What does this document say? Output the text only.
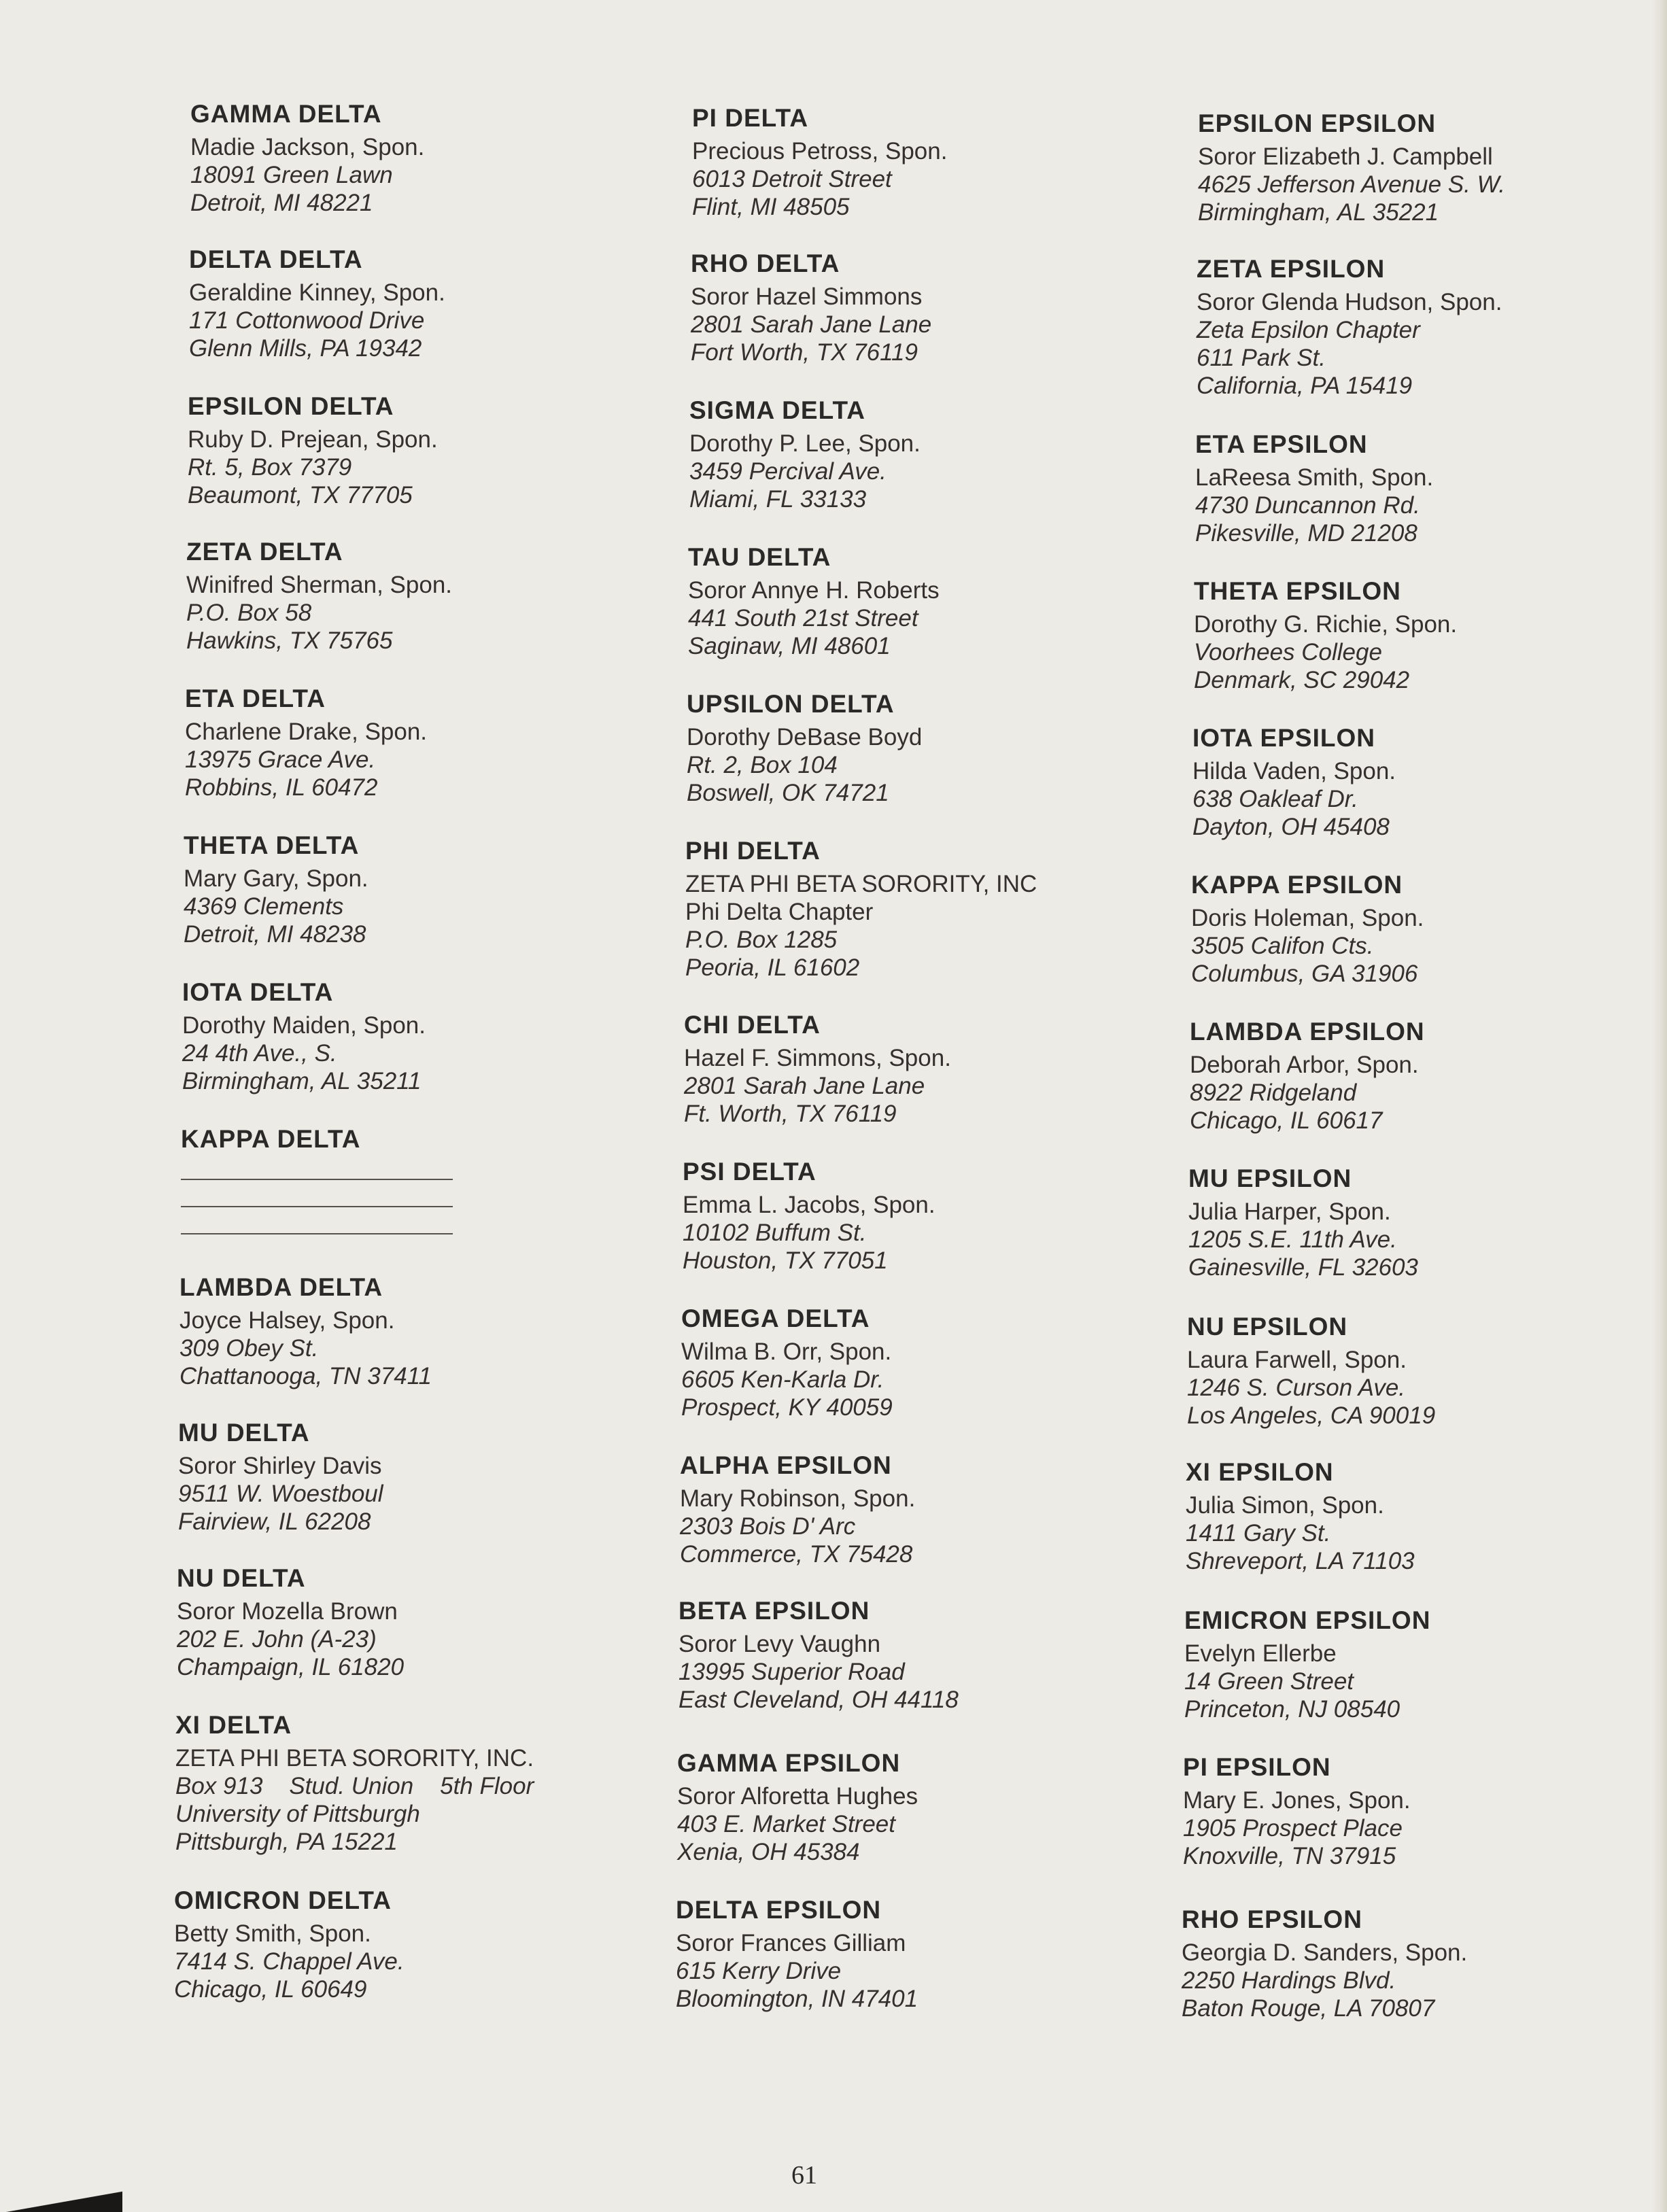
GAMMA DELTA
Madie Jackson, Spon.
18091 Green Lawn
Detroit, MI 48221
DELTA DELTA
Geraldine Kinney, Spon.
171 Cottonwood Drive
Glenn Mills, PA 19342
EPSILON DELTA
Ruby D. Prejean, Spon.
Rt. 5, Box 7379
Beaumont, TX 77705
ZETA DELTA
Winifred Sherman, Spon.
P.O. Box 58
Hawkins, TX 75765
ETA DELTA
Charlene Drake, Spon.
13975 Grace Ave.
Robbins, IL 60472
THETA DELTA
Mary Gary, Spon.
4369 Clements
Detroit, MI 48238
IOTA DELTA
Dorothy Maiden, Spon.
24 4th Ave., S.
Birmingham, AL 35211
KAPPA DELTA
LAMBDA DELTA
Joyce Halsey, Spon.
309 Obey St.
Chattanooga, TN 37411
MU DELTA
Soror Shirley Davis
9511 W. Woestboul
Fairview, IL 62208
NU DELTA
Soror Mozella Brown
202 E. John (A-23)
Champaign, IL 61820
XI DELTA
ZETA PHI BETA SORORITY, INC.
Box 913    Stud. Union    5th Floor
University of Pittsburgh
Pittsburgh, PA 15221
OMICRON DELTA
Betty Smith, Spon.
7414 S. Chappel Ave.
Chicago, IL 60649
PI DELTA
Precious Petross, Spon.
6013 Detroit Street
Flint, MI 48505
RHO DELTA
Soror Hazel Simmons
2801 Sarah Jane Lane
Fort Worth, TX 76119
SIGMA DELTA
Dorothy P. Lee, Spon.
3459 Percival Ave.
Miami, FL 33133
TAU DELTA
Soror Annye H. Roberts
441 South 21st Street
Saginaw, MI 48601
UPSILON DELTA
Dorothy DeBase Boyd
Rt. 2, Box 104
Boswell, OK 74721
PHI DELTA
ZETA PHI BETA SORORITY, INC
Phi Delta Chapter
P.O. Box 1285
Peoria, IL 61602
CHI DELTA
Hazel F. Simmons, Spon.
2801 Sarah Jane Lane
Ft. Worth, TX 76119
PSI DELTA
Emma L. Jacobs, Spon.
10102 Buffum St.
Houston, TX 77051
OMEGA DELTA
Wilma B. Orr, Spon.
6605 Ken-Karla Dr.
Prospect, KY 40059
ALPHA EPSILON
Mary Robinson, Spon.
2303 Bois D' Arc
Commerce, TX 75428
BETA EPSILON
Soror Levy Vaughn
13995 Superior Road
East Cleveland, OH 44118
GAMMA EPSILON
Soror Alforetta Hughes
403 E. Market Street
Xenia, OH 45384
DELTA EPSILON
Soror Frances Gilliam
615 Kerry Drive
Bloomington, IN 47401
EPSILON EPSILON
Soror Elizabeth J. Campbell
4625 Jefferson Avenue S. W.
Birmingham, AL 35221
ZETA EPSILON
Soror Glenda Hudson, Spon.
Zeta Epsilon Chapter
611 Park St.
California, PA 15419
ETA EPSILON
LaReesa Smith, Spon.
4730 Duncannon Rd.
Pikesville, MD 21208
THETA EPSILON
Dorothy G. Richie, Spon.
Voorhees College
Denmark, SC 29042
IOTA EPSILON
Hilda Vaden, Spon.
638 Oakleaf Dr.
Dayton, OH 45408
KAPPA EPSILON
Doris Holeman, Spon.
3505 Califon Cts.
Columbus, GA 31906
LAMBDA EPSILON
Deborah Arbor, Spon.
8922 Ridgeland
Chicago, IL 60617
MU EPSILON
Julia Harper, Spon.
1205 S.E. 11th Ave.
Gainesville, FL 32603
NU EPSILON
Laura Farwell, Spon.
1246 S. Curson Ave.
Los Angeles, CA 90019
XI EPSILON
Julia Simon, Spon.
1411 Gary St.
Shreveport, LA 71103
EMICRON EPSILON
Evelyn Ellerbe
14 Green Street
Princeton, NJ 08540
PI EPSILON
Mary E. Jones, Spon.
1905 Prospect Place
Knoxville, TN 37915
RHO EPSILON
Georgia D. Sanders, Spon.
2250 Hardings Blvd.
Baton Rouge, LA 70807
61
